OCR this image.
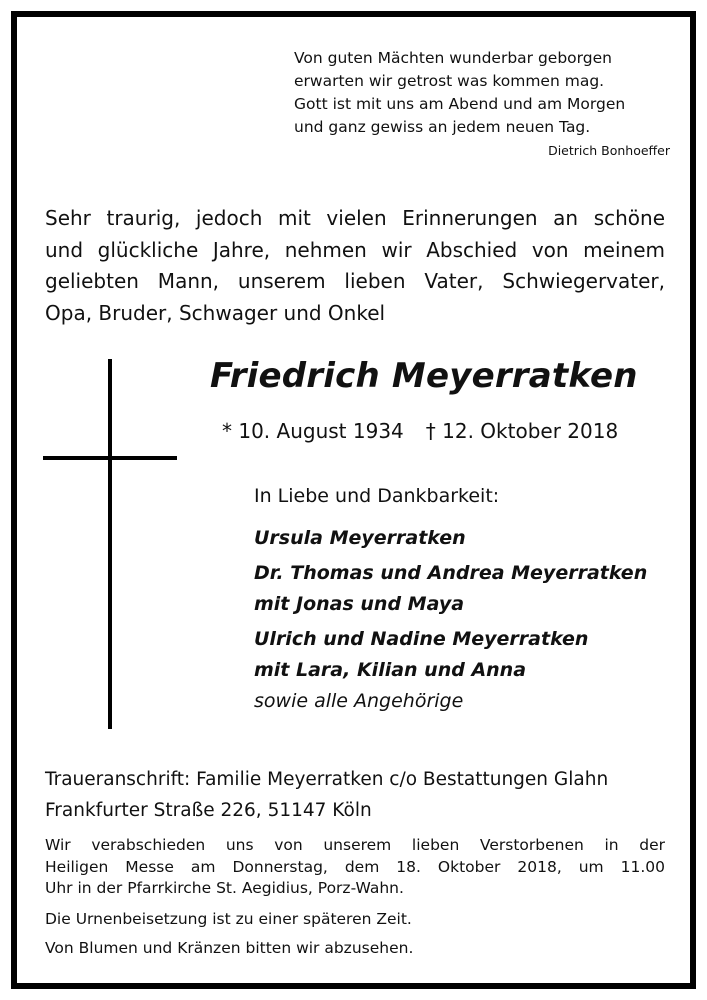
Von guten Mächten wunderbar geborgen
erwarten wir getrost was kommen mag.
Gott ist mit uns am Abend und am Morgen
und ganz gewiss an jedem neuen Tag.
Dietrich Bonhoeffer
Sehr traurig, jedoch mit vielen Erinnerungen an schöne
und glückliche Jahre, nehmen wir Abschied von meinem
geliebten Mann, unserem lieben Vater, Schwiegervater,
Opa, Bruder, Schwager und Onkel
Friedrich Meyerratken
* 10. August 1934 † 12. Oktober 2018
In Liebe und Dankbarkeit:
Ursula Meyerratken
Dr. Thomas und Andrea Meyerratken
mit Jonas und Maya
Ulrich und Nadine Meyerratken
mit Lara, Kilian und Anna
sowie alle Angehörige
Traueranschrift: Familie Meyerratken c/o Bestattungen Glahn
Frankfurter Straße 226, 51147 Köln
Wir verabschieden uns von unserem lieben Verstorbenen in der
Heiligen Messe am Donnerstag, dem 18. Oktober 2018, um 11.00
Uhr in der Pfarrkirche St. Aegidius, Porz-Wahn.
Die Urnenbeisetzung ist zu einer späteren Zeit.
Von Blumen und Kränzen bitten wir abzusehen.
